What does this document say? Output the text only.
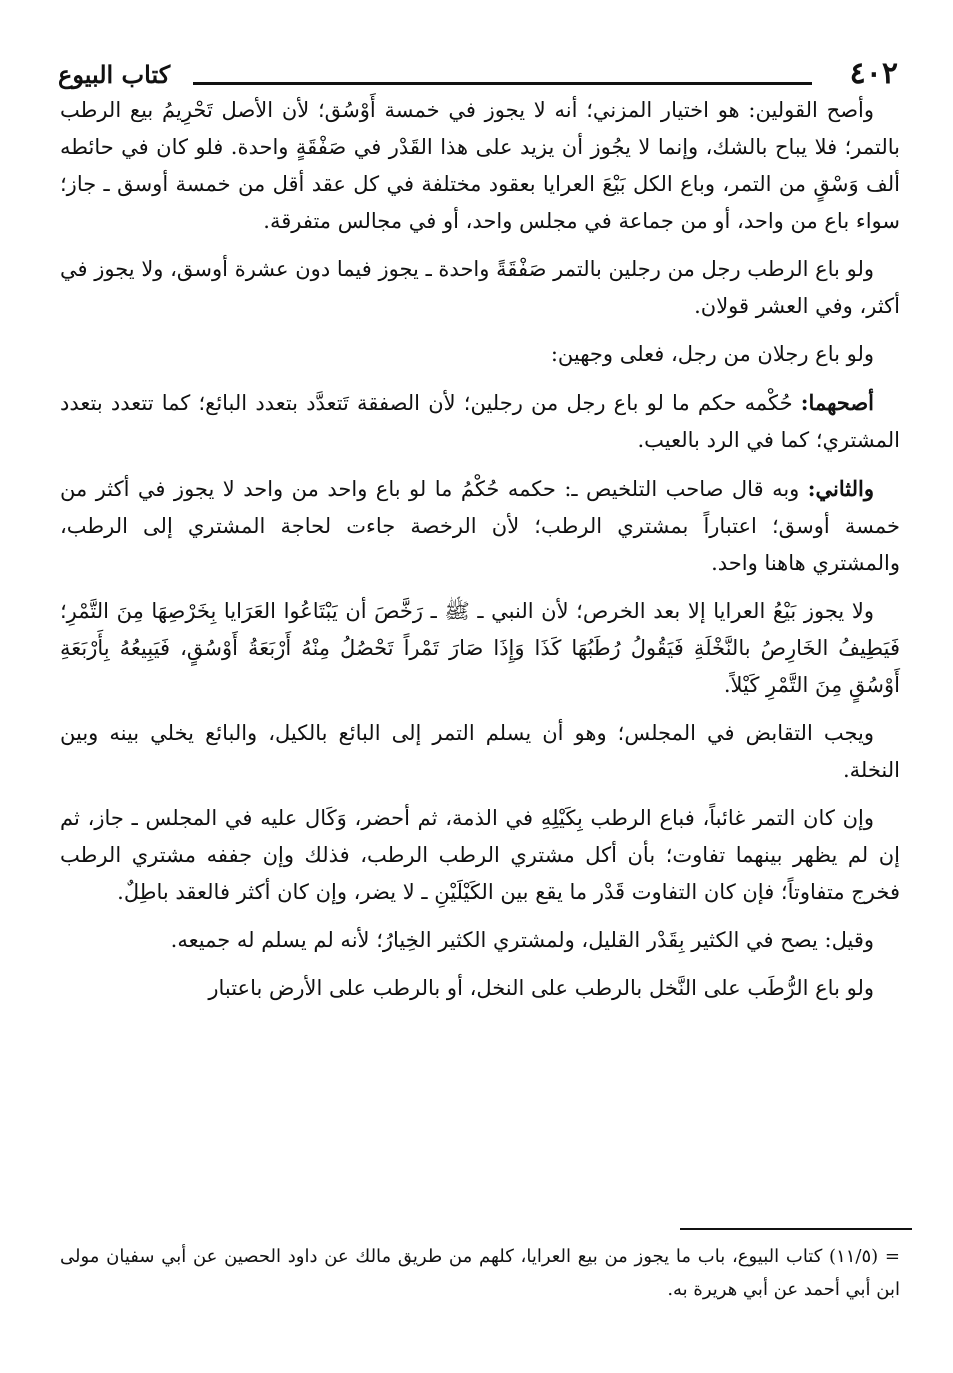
٤٠٢
كتاب البيوع

وأصح القولين: هو اختيار المزني؛ أنه لا يجوز في خمسة أَوْسُق؛ لأن الأصل تَحْرِيمُ بيع الرطب بالتمر؛ فلا يباح بالشك، وإنما لا يجُوز أن يزيد على هذا القَدْر في صَفْقَةٍ واحدة. فلو كان في حائطه ألف وَسْقٍ من التمر، وباع الكل بَيْعَ العرايا بعقود مختلفة في كل عقد أقل من خمسة أوسق ـ جاز؛ سواء باع من واحد، أو من جماعة في مجلس واحد، أو في مجالس متفرقة.

ولو باع الرطب رجل من رجلين بالتمر صَفْقَةً واحدة ـ يجوز فيما دون عشرة أوسق، ولا يجوز في أكثر، وفي العشر قولان.

ولو باع رجلان من رجل، فعلى وجهين:

أصحهما: حُكْمه حكم ما لو باع رجل من رجلين؛ لأن الصفقة تَتعدَّد بتعدد البائع؛ كما تتعدد بتعدد المشتري؛ كما في الرد بالعيب.

والثاني: وبه قال صاحب التلخيص ـ: حكمه حُكْمُ ما لو باع واحد من واحد لا يجوز في أكثر من خمسة أوسق؛ اعتباراً بمشتري الرطب؛ لأن الرخصة جاءت لحاجة المشتري إلى الرطب، والمشتري هاهنا واحد.

ولا يجوز بَيْعُ العرايا إلا بعد الخرص؛ لأن النبي ـ ﷺ ـ رَخَّصَ أن يَبْتَاعُوا العَرَايا بِخَرْصِهَا مِنَ التَّمْرِ؛ فَيَطِيفُ الخَارِصُ بالنَّخْلَةِ فَيَقُولُ رُطَبُهَا كَذَا وَإِذَا صَارَ تَمْراً تَحْصُلُ مِنْهُ أَرْبَعَةُ أَوْسُقٍ، فَيَبِيعُهُ بِأَرْبَعَةِ أَوْسُقٍ مِنَ التَّمْرِ كَيْلاً.

ويجب التقابض في المجلس؛ وهو أن يسلم التمر إلى البائع بالكيل، والبائع يخلي بينه وبين النخلة.

وإن كان التمر غائباً، فباع الرطب بِكَيْلِهِ في الذمة، ثم أحضر، وَكَال عليه في المجلس ـ جاز، ثم إن لم يظهر بينهما تفاوت؛ بأن أكل مشتري الرطب الرطب، فذلك وإن جففه مشتري الرطب فخرج متفاوتاً؛ فإن كان التفاوت قَدْر ما يقع بين الكَيْلَيْنِ ـ لا يضر، وإن كان أكثر فالعقد باطِلٌ.

وقيل: يصح في الكثير بِقَدْر القليل، ولمشتري الكثير الخِيارُ؛ لأنه لم يسلم له جميعه.

ولو باع الرُّطَب على النَّخل بالرطب على النخل، أو بالرطب على الأرض باعتبار

= (١١/٥) كتاب البيوع، باب ما يجوز من بيع العرايا، كلهم من طريق مالك عن داود الحصين عن أبي سفيان مولى ابن أبي أحمد عن أبي هريرة به.
